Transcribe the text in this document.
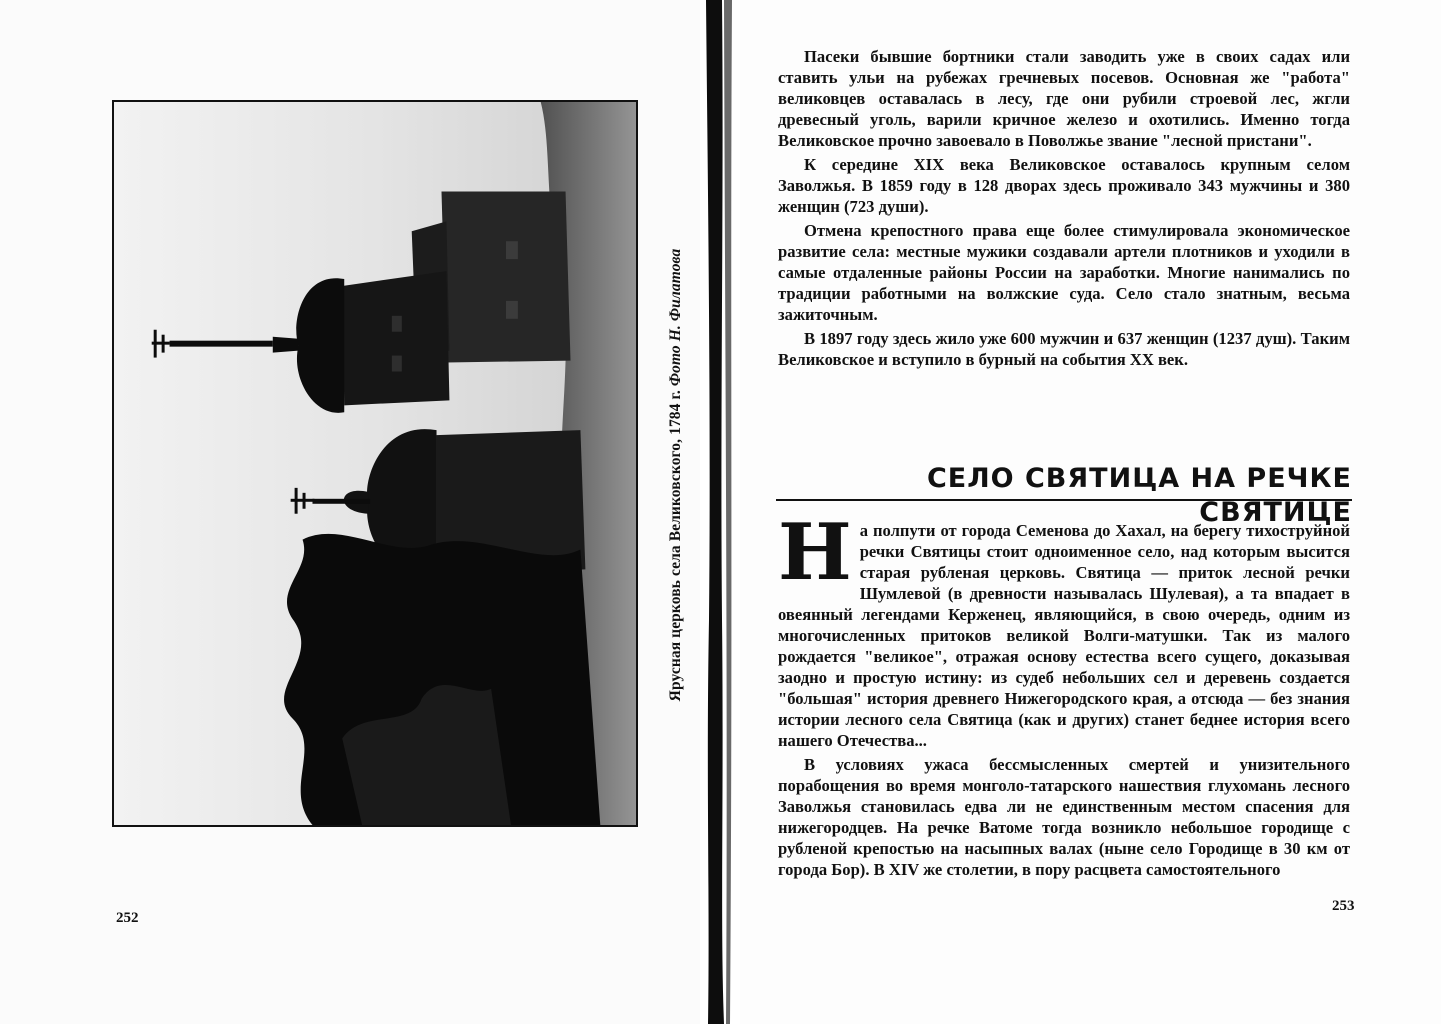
Ярусная церковь села Великовского, 1784 г. Фото Н. Филатова
252

Пасеки бывшие бортники стали заводить уже в своих садах или ставить ульи на рубежах гречневых посевов. Основная же "работа" великовцев оставалась в лесу, где они рубили строевой лес, жгли древесный уголь, варили кричное железо и охотились. Именно тогда Великовское прочно завоевало в Поволжье звание "лесной пристани".

К середине XIX века Великовское оставалось крупным селом Заволжья. В 1859 году в 128 дворах здесь проживало 343 мужчины и 380 женщин (723 души).

Отмена крепостного права еще более стимулировала экономическое развитие села: местные мужики создавали артели плотников и уходили в самые отдаленные районы России на заработки. Многие нанимались по традиции работными на волжские суда. Село стало знатным, весьма зажиточным.

В 1897 году здесь жило уже 600 мужчин и 637 женщин (1237 душ). Таким Великовское и вступило в бурный на события XX век.

СЕЛО СВЯТИЦА НА РЕЧКЕ СВЯТИЦЕ

На полпути от города Семенова до Хахал, на берегу тихоструйной речки Святицы стоит одноименное село, над которым высится старая рубленая церковь. Святица — приток лесной речки Шумлевой (в древности называлась Шулевая), а та впадает в овеянный легендами Керженец, являющийся, в свою очередь, одним из многочисленных притоков великой Волги-матушки. Так из малого рождается "великое", отражая основу естества всего сущего, доказывая заодно и простую истину: из судеб небольших сел и деревень создается "большая" история древнего Нижегородского края, а отсюда — без знания истории лесного села Святица (как и других) станет беднее история всего нашего Отечества...

В условиях ужаса бессмысленных смертей и унизительного порабощения во время монголо-татарского нашествия глухомань лесного Заволжья становилась едва ли не единственным местом спасения для нижегородцев. На речке Ватоме тогда возникло небольшое городище с рубленой крепостью на насыпных валах (ныне село Городище в 30 км от города Бор). В XIV же столетии, в пору расцвета самостоятельного

253
